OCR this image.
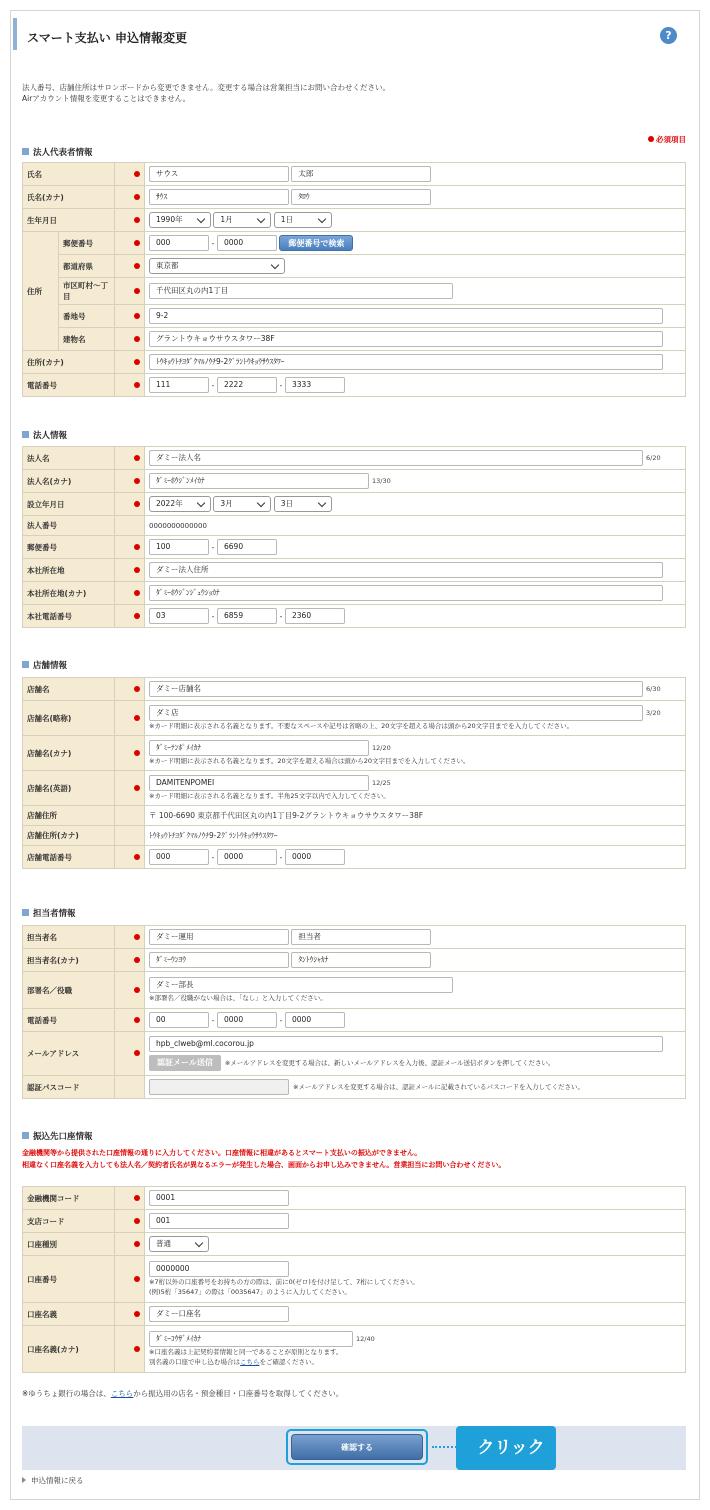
スマート支払い 申込情報変更	?
法人番号、店舗住所はサロンボードから変更できません。変更する場合は営業担当にお問い合わせください。
Airアカウント情報を変更することはできません。
必須項目
法人代表者情報
氏名			サウス 太郎
氏名(カナ)			ｻｳｽ ﾀﾛｳ
生年月日			1990年 1月 1日
住所	郵便番号		000 - 0000 郵便番号で検索
	都道府県		東京都
	市区町村～丁目		千代田区丸の内1丁目
	番地号		9-2
	建物名		グラントウキョウサウスタワー38F
住所(カナ)			ﾄｳｷｮｳﾄﾁﾖﾀﾞｸﾏﾙﾉｳﾁ9-2ｸﾞﾗﾝﾄｳｷｮｳｻｳｽﾀﾜｰ
電話番号			111 - 2222 - 3333
法人情報
法人名		ダミー法人名 6/20
法人名(カナ)		ﾀﾞﾐｰﾎｳｼﾞﾝﾒｲｶﾅ 13/30
設立年月日		2022年 3月 3日
法人番号		0000000000000
郵便番号		100 - 6690
本社所在地		ダミー法人住所
本社所在地(カナ)		ﾀﾞﾐｰﾎｳｼﾞﾝｼﾞｭｳｼｮｶﾅ
本社電話番号		03 - 6859 - 2360
店舗情報
店舗名		ダミー店舗名 6/30
店舗名(略称)		ダミ店 3/20
※カード明細に表示される名義となります。不要なスペースや記号は省略の上、20文字を超える場合は頭から20文字目までを入力してください。

店舗名(カナ)		ﾀﾞﾐｰﾃﾝﾎﾟﾒｲｶﾅ 12/20
※カード明細に表示される名義となります。20文字を超える場合は頭から20文字目までを入力してください。

店舗名(英語)		DAMITENPOMEI 12/25
※カード明細に表示される名義となります。半角25文字以内で入力してください。

店舗住所		〒 100-6690 東京都千代田区丸の内1丁目9-2グラントウキョウサウスタワー38F
店舗住所(カナ)		ﾄｳｷｮｳﾄﾁﾖﾀﾞｸﾏﾙﾉｳﾁ9-2ｸﾞﾗﾝﾄｳｷｮｳｻｳｽﾀﾜｰ
店舗電話番号		000 - 0000 - 0000
担当者情報
担当者名		ダミー運用 担当者
担当者名(カナ)		ﾀﾞﾐｰｳﾝﾖｳ ﾀﾝﾄｳｼｬｶﾅ
部署名／役職		ダミー部長
※部署名／役職がない場合は、「なし」と入力してください。

電話番号		00 - 0000 - 0000
メールアドレス		hpb_clweb@ml.cocorou.jp
認証メール送信 ※メールアドレスを変更する場合は、新しいメールアドレスを入力後、認証メール送信ボタンを押してください。

認証パスコード		※メールアドレスを変更する場合は、認証メールに記載されているパスコードを入力してください。
振込先口座情報
金融機関等から提供された口座情報の通りに入力してください。口座情報に相違があるとスマート支払いの振込ができません。
相違なく口座名義を入力しても法人名／契約者氏名が異なるエラーが発生した場合、画面からお申し込みできません。営業担当にお問い合わせください。
金融機関コード		0001
支店コード		001
口座種別		普通
口座番号		0000000
※7桁以外の口座番号をお持ちの方の際は、前に0(ゼロ)を付け足して、7桁にしてください。
(例)5桁「35647」の際は「0035647」のように入力してください。

口座名義		ダミー口座名
口座名義(カナ)		ﾀﾞﾐｰｺｳｻﾞﾒｲｶﾅ 12/40
※口座名義は上記契約者情報と同一であることが原則となります。
別名義の口座で申し込む場合はこちらをご確認ください。
※ゆうちょ銀行の場合は、こちらから振込用の店名・預金種目・口座番号を取得してください。
確認する	クリック
申込情報に戻る
